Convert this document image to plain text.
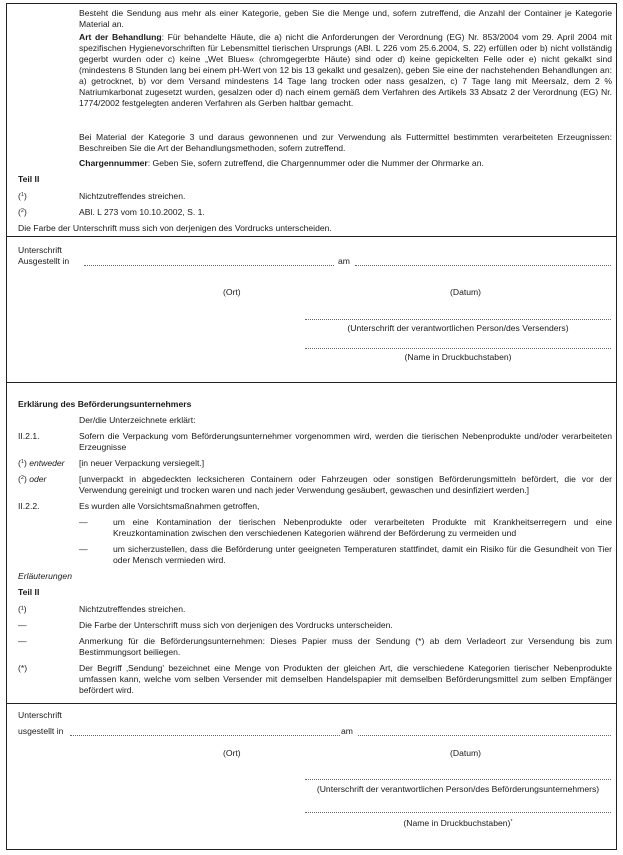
Besteht die Sendung aus mehr als einer Kategorie, geben Sie die Menge und, sofern zutreffend, die Anzahl der Container je Kategorie Material an.

Art der Behandlung: Für behandelte Häute, die a) nicht die Anforderungen der Verordnung (EG) Nr. 853/2004 vom 29. April 2004 mit spezifischen Hygienevorschriften für Lebensmittel tierischen Ursprungs (ABl. L 226 vom 25.6.2004, S. 22) erfüllen oder b) nicht vollständig gegerbt wurden oder c) keine „Wet Blues« (chromgegerbte Häute) sind oder d) keine gepickelten Felle oder e) nicht gekalkt sind (mindestens 8 Stunden lang bei einem pH-Wert von 12 bis 13 gekalkt und gesalzen), geben Sie eine der nachstehenden Behandlungen an: a) getrocknet, b) vor dem Versand mindestens 14 Tage lang trocken oder nass gesalzen, c) 7 Tage lang mit Meersalz, dem 2 % Natriumkarbonat zugesetzt wurden, gesalzen oder d) nach einem gemäß dem Verfahren des Artikels 33 Absatz 2 der Verordnung (EG) Nr. 1774/2002 festgelegten anderen Verfahren als Gerben haltbar gemacht.

Bei Material der Kategorie 3 und daraus gewonnenen und zur Verwendung als Futtermittel bestimmten verarbeiteten Erzeugnissen: Beschreiben Sie die Art der Behandlungsmethoden, sofern zutreffend.

Chargennummer: Geben Sie, sofern zutreffend, die Chargennummer oder die Nummer der Ohrmarke an.

Teil II
($^1$)	Nichtzutreffendes streichen.
($^2$)	ABl. L 273 vom 10.10.2002, S. 1.
Die Farbe der Unterschrift muss sich von derjenigen des Vordrucks unterscheiden.
Unterschrift
Ausgestellt in	am
(Ort)	(Datum)
(Unterschrift der verantwortlichen Person/des Versenders)
(Name in Druckbuchstaben)
Erklärung des Beförderungsunternehmers
Der/die Unterzeichnete erklärt:
II.2.1.	Sofern die Verpackung vom Beförderungsunternehmer vorgenommen wird, werden die tierischen Nebenprodukte und/oder verarbeiteten Erzeugnisse

($^1$) entweder [in neuer Verpackung versiegelt.]
($^2$) oder	[unverpackt in abgedeckten lecksicheren Containern oder Fahrzeugen oder sonstigen Beförderungsmitteln befördert, die vor der Verwendung gereinigt und trocken waren und nach jeder Verwendung gesäubert, gewaschen und desinfiziert werden.]

II.2.2.	Es wurden alle Vorsichtsmaßnahmen getroffen,
—	um eine Kontamination der tierischen Nebenprodukte oder verarbeiteten Produkte mit Krankheitserregern und eine Kreuzkontamination zwischen den verschiedenen Kategorien während der Beförderung zu vermeiden und

—	um sicherzustellen, dass die Beförderung unter geeigneten Temperaturen stattfindet, damit ein Risiko für die Gesundheit von Tier oder Mensch vermieden wird.

Erläuterungen
Teil II
(¹)	Nichtzutreffendes streichen.
—	Die Farbe der Unterschrift muss sich von derjenigen des Vordrucks unterscheiden.
—	Anmerkung für die Beförderungsunternehmen: Dieses Papier muss der Sendung (*) ab dem Verladeort zur Versendung bis zum Bestimmungsort beiliegen.

(*)	Der Begriff ‚Sendung' bezeichnet eine Menge von Produkten der gleichen Art, die verschiedene Kategorien tierischer Nebenprodukte umfassen kann, welche vom selben Versender mit demselben Handelspapier mit demselben Beförderungsmittel zum selben Empfänger befördert wird.

Unterschrift
usgestellt in	am
(Ort)	(Datum)
(Unterschrift der verantwortlichen Person/des Beförderungsunternehmers)
(Name in Druckbuchstaben)*
